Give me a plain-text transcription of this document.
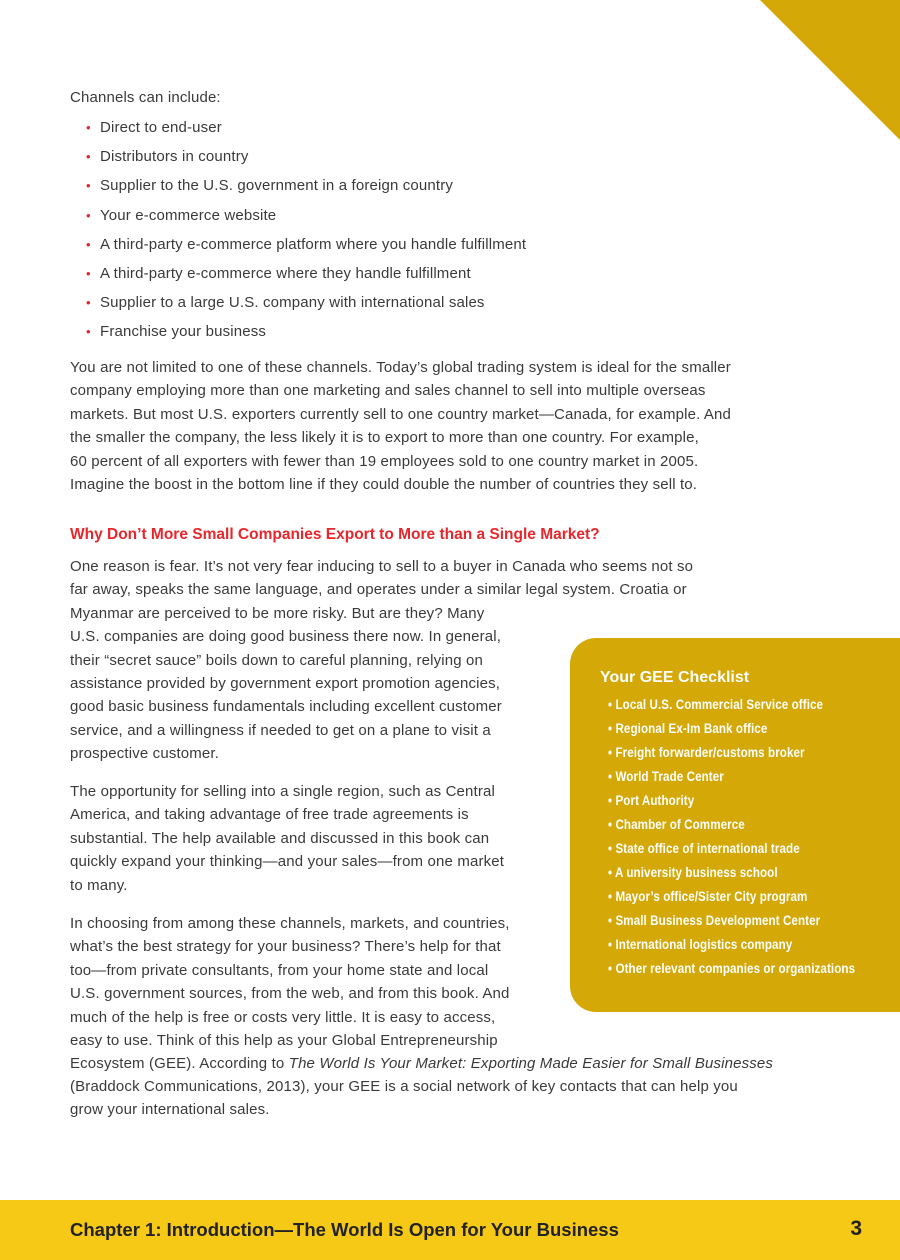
Channels can include:
• Direct to end-user
• Distributors in country
• Supplier to the U.S. government in a foreign country
• Your e-commerce website
• A third-party e-commerce platform where you handle fulfillment
• A third-party e-commerce where they handle fulfillment
• Supplier to a large U.S. company with international sales
• Franchise your business
You are not limited to one of these channels. Today’s global trading system is ideal for the smaller
company employing more than one marketing and sales channel to sell into multiple overseas
markets. But most U.S. exporters currently sell to one country market—Canada, for example. And
the smaller the company, the less likely it is to export to more than one country. For example,
60 percent of all exporters with fewer than 19 employees sold to one country market in 2005.
Imagine the boost in the bottom line if they could double the number of countries they sell to.
Why Don’t More Small Companies Export to More than a Single Market?
One reason is fear. It’s not very fear inducing to sell to a buyer in Canada who seems not so
far away, speaks the same language, and operates under a similar legal system. Croatia or
Myanmar are perceived to be more risky. But are they? Many
U.S. companies are doing good business there now. In general,
their “secret sauce” boils down to careful planning, relying on
assistance provided by government export promotion agencies,
good basic business fundamentals including excellent customer
service, and a willingness if needed to get on a plane to visit a
prospective customer.
The opportunity for selling into a single region, such as Central
America, and taking advantage of free trade agreements is
substantial. The help available and discussed in this book can
quickly expand your thinking—and your sales—from one market
to many.
In choosing from among these channels, markets, and countries,
what’s the best strategy for your business? There’s help for that
too—from private consultants, from your home state and local
U.S. government sources, from the web, and from this book. And
much of the help is free or costs very little. It is easy to access,
easy to use. Think of this help as your Global Entrepreneurship
Ecosystem (GEE). According to The World Is Your Market: Exporting Made Easier for Small Businesses
(Braddock Communications, 2013), your GEE is a social network of key contacts that can help you
grow your international sales.
Your GEE Checklist
• Local U.S. Commercial Service office
• Regional Ex-Im Bank office
• Freight forwarder/customs broker
• World Trade Center
• Port Authority
• Chamber of Commerce
• State office of international trade
• A university business school
• Mayor’s office/Sister City program
• Small Business Development Center
• International logistics company
• Other relevant companies or organizations
Chapter 1: Introduction—The World Is Open for Your Business	3
